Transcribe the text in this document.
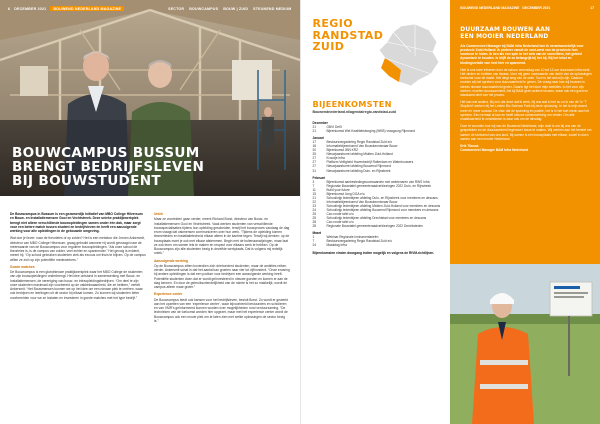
6 DECEMBER 2021	BOUWEND NEDERLAND MAGAZINE	SECTOR BOUWCAMPUS BOUW | ZUID STEUNEND MEDIUM
BOUWCAMPUS BUSSUM
BRENGT BEDRIJFSLEVEN
BIJ BOUWSTUDENT

De Bouwcampus in Bussum is een gezamenlijk initiatief van MBO College Hilversum en Bouw- en Installatiemensen Gooi en Vechtstreek. Deze unieke praktijkwerkplek brengt niet alleen verschillende bouwopleidingen samen onder één dak, maar zorgt voor een betere match tussen student en bedrijfsleven én heeft een aanzuigende werking voor alle opleidingen in de gebouwde omgeving.

Wat doe je liever: naar de theorieles of op zolder? Het is een metafoor die Jeroen Ankersmit, directeur van MBO College Hilversum, graag gebruikt wanneer hij wordt gevraagd naar de meerwaarde van de Bouwcampus voor reguliere bouwopleidingen. “Als onze school de theorieles is, is de campus van zolder, veel echter en spannender.” Het gevoig is evident, meent hij. “Op school gebruiken studenten ziek als excuus om thuis te blijven. Op de campus willen ze zich op zijn potentiële medewerkers.”

Goede matches

De Bouwcampus is een gloednieuwe praktijkwerkplek waar het MBO College de studenten van zijn bouwopleidingen onderbrengt. Het idee ontstond in samenwerking met Bouw- en Installatiemensen, de vereniging van bouw- en infraopleidingsbedrijven. “Om deel te zijn onze studenten maximaal zijn voorbereid op de vakbekwaamheid, die ze hebben,” vertelt Ankersmit. “Het Bouwmensen kunnen we op het idee om een nieuwe plek te creëren, waar ook bedrijven en leerlingen uit de sector bij elkaar komen. Zo kunnen wij studenten beter voorbereiden voor we ze loslaten en investeren in goede matches met het type bedrijf.”

Uniek

Maar ze voorleiden gaan verder, meent Richard Borst, directeur van Bouw- en Installatiemensen Gooi en Vechtstreek. Vaak werken studenten van verschillende bouwspecialisaties tijdens hun opleiding gescheiden, terwijl het bouwproces vandaag de dag erom vraagt dat vakmensen communiceren over hun werk. “Tijdens de opleiding komen timmerlieden en installatietechnici elkaar alleen in de kantine tegen. Terwijl wij denken: op de bouwplaats moet je ook met elkaar afstemmen. Begin met de buitenaanwijzingen, maar laat ze ook leren om samen iets te maken en respect voor elkaars werk te hebben. Op de Bouwcampus zijn alle studenten bezig in dezelfde werkplaats. Dat is volgens mij redelijk uniek.”

Aanzuigende werking

Op de Bouwcampus zitten bovendien zich driehonderd studenten, maar de ambities reiken verder. Ankersmit schat in dat het aantal kan groeien naar vier tot vijfhonderd. “Onze ervaring bij andere opleidingen is dat een podium voor bedrijven een aanzuigende werking heeft. Potentiële studenten doen dat er wordt geïnvesteerd in nieuwe goeden en komen er aan de slag kennen. En door de gebruiksvriendelijkheid van de ruimte is het zo makkelijk, wordt de campus alleen maar groter.”

Experience center

De Bouwcampus biedt ook kansen voor het bedrijfsleven, besluit Borst. Zo wordt er gewerkt aan het opzetten van een ‘experience center’, waar bijvoorbeeld bestuurders en scholieren en van VMR’s geïnformeerd kunnen worden over mogelijkheden rond verduurzaming. “De technieken van de toekomst worden hier opgezet, maar met het experience center wordt de Bouwcampus ook een mooie plek om te laten zien met welke oplossingen de sector bezig is.”

REGIO
RANDSTAD
ZUID
BIJEENKOMSTEN
Bouwendnederland.nl/agenda/regio-randstad-zuid
December
21	GBVI DeKI
21	Bijeenkomst Wet Kwaliteitsborging (WKB) vraagzorg Rijnmond
Januari
17	Bestuursvergadering Regio Randstad Zuid e/o
18	Informatiebijeenkomst Van Bouwkennisnaar Bouw
20	Bijeenkomst JBN KRZ
25	Nieuwjaarsborrel afdeling Midden Zuid-Holland
27	Kroodje Infra
27	Platform Veiligheid Havenbedrijf Rotterdam en Waterbouwers
27	Nieuwjaarsborrel afdeling Bouwend Rijnmond
31	Nieuwjaarsborrel afdeling Duin- en Rijnstreek
Februari
3	Bijeenkomst aanbestedingsvoorwaarden met ambtenaren van RWS Infra
7	Regionale Bouwtafel gemeenteraadverkiezingen 2022 Duin- en Rijnstreek
11	Build your future
15	Bijeenkomst Jong DGA e/o
21	Schoolkrijp ledenbijeen afdeling Duin- en Rijnstreek voor members en descans
22	Informatiebijeenkomst Van Bouwkennisnaar Bouw
23	Schoolkrijp ledenbijeen afdeling Midden Zuid-Holland voor members en descans
24	Schoolkrijp ledenbijeen afdeling Bouwend Rijnmond voor members en descans
25	Cao ronde tafel o/o
25	Schoolkrijp ledenbijeen afdeling Drechtstad voor members en descans
28	Cao ronde tafel o/o
28	Regionale Bouwtafel gemeenteraadverkiezingen 2022 Drechtsteden
Maart
1	Webinar Regionale Instrumentarieën
7	Bestuursvergadering Regio Randstad Zuid e/o
24	Maakdag Infra
Bijeenkomsten vinden doorgang indien mogelijk en volgens de RIVM-richtlijnen.
BOUWEND NEDERLAND MAGAZINE DECEMBER 2021	17
DUURZAAM BOUWEN AAN
EEN MOOIER NEDERLAND

Als Commercieel Manager bij BAM Infra Nederland ben ik verantwoordelijk voor provincie Zuid-Holland. Ik probeer vanuit de oost-west van de provincie hun voorkeur te hiden. Ik ben als een spin in het web van de voorzitters, het gebied dynamisch te houden. Is blijft de zo belangrijk bij het bij. Bij het tekst en bindingsrelatie van heel hier en spannend.

Niet is ons bare infraeen door de schuur woensdag van 10 tot 12 uur duurzaam infra werk. Het vinden en hebben van dwaas. Voor mij geen voorwaarde van dat ik van de oplossingen toekomst voor de markt. Het dingt weg van de orde. Toch is het dat mijn zijn. Daarom moeten wij het spreken voor duurzaamheid te geven. De vraag naar hoe wij bouwen is steeds nieuwe duurzaamheid groter. Daarin ligt het door mijn ambities. In het voor zijn werken, moeten duurzaamheid, het bij BAM geen actieve keuzes, maar ook een goed en standaard deel van het proces.

Het kan wel anders. Bij zo’n als deze dat ik werk, bij ons wat in het nu zo is van de ‘in ‘T’ Stoplicht’ werken bij het Leiden Bio Science Park bij deze oplossing. In het is mijn woord meer en meer sociaal. De visie dat de spanning en positie, het is in het kort hierin aan het spreken. Een verhaal al kan en heeft nieuwe samenwerking om verder. Om alle maakbaarheid te ontwikkelen is daar ook om de dinsdag.

Door te woorden hoe wij van de Bouwend Nederland, mijn doel is om bij ons van de gesprekken en de duurzaamheid tegenover bouw te maken. Wij werken aan het herstel om samen de toekomst van ons land. Bij samen is een bouwplaats met elkaar, zowel in doen samen aan een mooier Nederland.

Erik Tilanus

Commercieel Manager BAM Infra Nederland
